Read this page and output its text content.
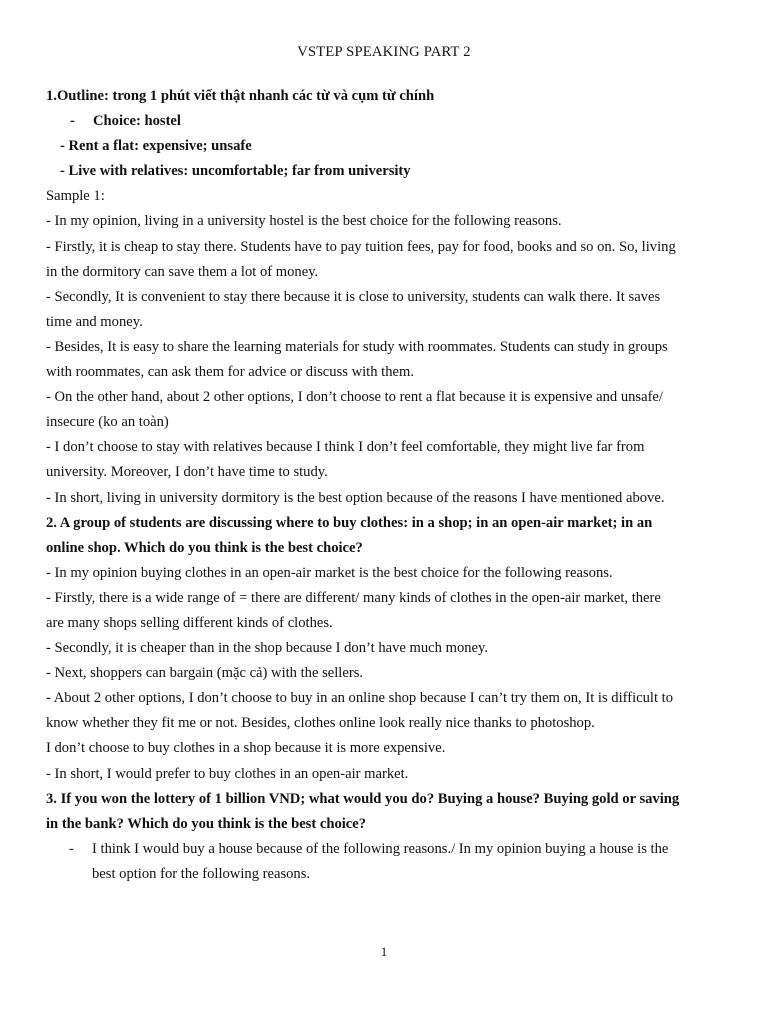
VSTEP SPEAKING PART 2
1.Outline: trong 1 phút viết thật nhanh các từ và cụm từ chính
- Choice: hostel
- Rent a flat: expensive; unsafe
- Live with relatives: uncomfortable; far from university
Sample 1:
- In my opinion, living in a university hostel is the best choice for the following reasons.
- Firstly, it is cheap to stay there. Students have to pay tuition fees, pay for food, books and so on. So, living
in the dormitory can save them a lot of money.
- Secondly, It is convenient to stay there because it is close to university, students can walk there. It saves
time and money.
- Besides, It is easy to share the learning materials for study with roommates. Students can study in groups
with roommates, can ask them for advice or discuss with them.
- On the other hand, about 2 other options, I don’t choose to rent a flat because it is expensive and unsafe/
insecure (ko an toàn)
- I don’t choose to stay with relatives because I think I don’t feel comfortable, they might live far from
university. Moreover, I don’t have time to study.
- In short, living in university dormitory is the best option because of the reasons I have mentioned above.
2. A group of students are discussing where to buy clothes: in a shop; in an open-air market; in an
online shop. Which do you think is the best choice?
- In my opinion buying clothes in an open-air market is the best choice for the following reasons.
- Firstly, there is a wide range of = there are different/ many kinds of clothes in the open-air market, there
are many shops selling different kinds of clothes.
- Secondly, it is cheaper than in the shop because I don’t have much money.
- Next, shoppers can bargain (mặc cả) with the sellers.
- About 2 other options, I don’t choose to buy in an online shop because I can’t try them on, It is difficult to
know whether they fit me or not. Besides, clothes online look really nice thanks to photoshop.
I don’t choose to buy clothes in a shop because it is more expensive.
- In short, I would prefer to buy clothes in an open-air market.
3. If you won the lottery of 1 billion VND; what would you do? Buying a house? Buying gold or saving
in the bank? Which do you think is the best choice?
-	I think I would buy a house because of the following reasons./ In my opinion buying a house is the
best option for the following reasons.
1
